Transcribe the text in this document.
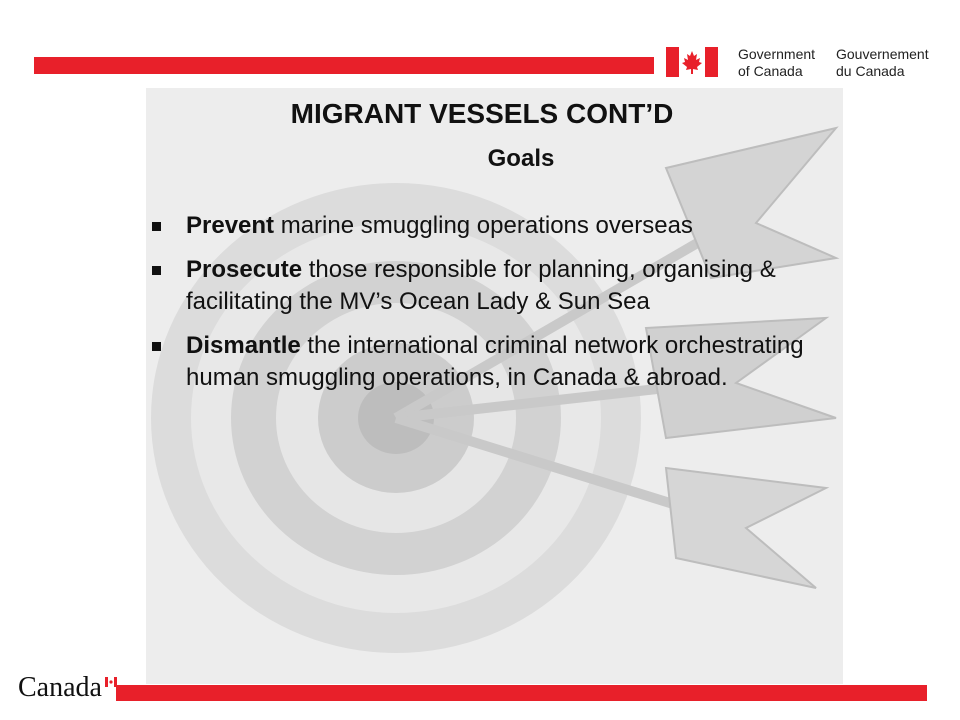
Government
of Canada
Gouvernement
du Canada
MIGRANT VESSELS CONT’D
Goals
Prevent marine smuggling operations overseas
Prosecute those responsible for planning, organising & facilitating the MV’s Ocean Lady & Sun Sea
Dismantle the international criminal network orchestrating human smuggling operations, in Canada & abroad.
Canada
